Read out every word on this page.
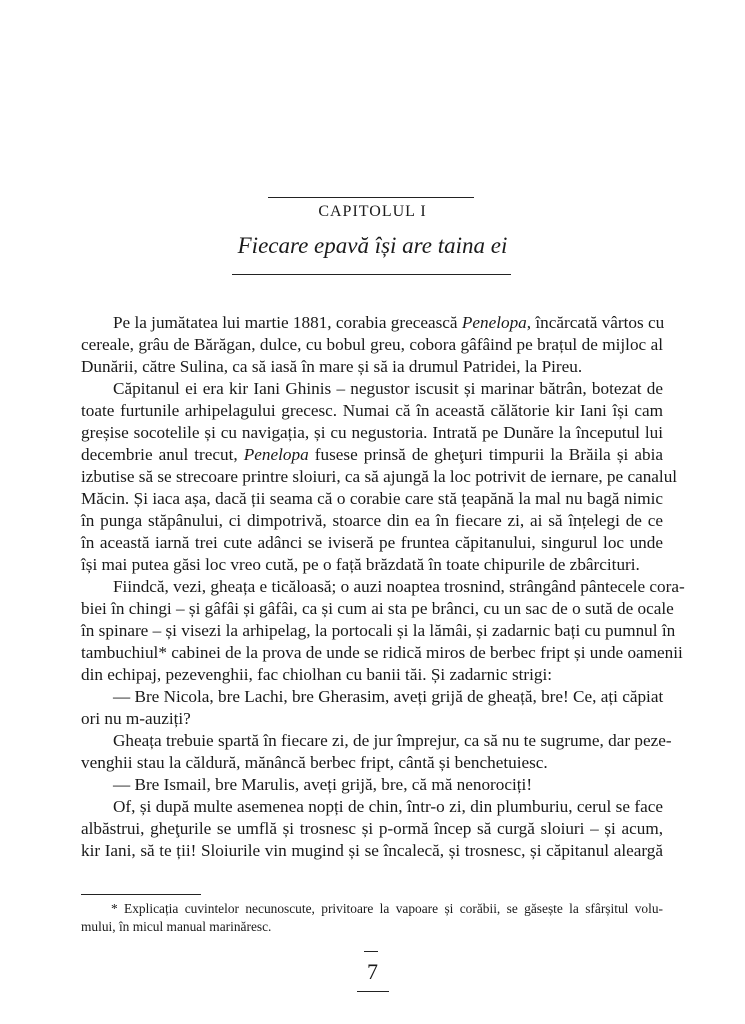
CAPITOLUL I
Fiecare epavă își are taina ei
Pe la jumătatea lui martie 1881, corabia grecească Penelopa, încărcată vârtos cu
cereale, grâu de Bărăgan, dulce, cu bobul greu, cobora gâfâind pe brațul de mijloc al
Dunării, către Sulina, ca să iasă în mare și să ia drumul Patridei, la Pireu.
Căpitanul ei era kir Iani Ghinis – negustor iscusit și marinar bătrân, botezat de
toate furtunile arhipelagului grecesc. Numai că în această călătorie kir Iani își cam
greșise socotelile și cu navigația, și cu negustoria. Intrată pe Dunăre la începutul lui
decembrie anul trecut, Penelopa fusese prinsă de gheţuri timpurii la Brăila și abia
izbutise să se strecoare printre sloiuri, ca să ajungă la loc potrivit de iernare, pe canalul
Măcin. Și iaca așa, dacă ții seama că o corabie care stă țeapănă la mal nu bagă nimic
în punga stăpânului, ci dimpotrivă, stoarce din ea în fiecare zi, ai să înțelegi de ce
în această iarnă trei cute adânci se iviseră pe fruntea căpitanului, singurul loc unde
își mai putea găsi loc vreo cută, pe o față brăzdată în toate chipurile de zbârcituri.
Fiindcă, vezi, gheața e ticăloasă; o auzi noaptea trosnind, strângând pântecele cora-
biei în chingi – și gâfâi și gâfâi, ca și cum ai sta pe brânci, cu un sac de o sută de ocale
în spinare – și visezi la arhipelag, la portocali și la lămâi, și zadarnic bați cu pumnul în
tambuchiul* cabinei de la prova de unde se ridică miros de berbec fript și unde oamenii
din echipaj, pezevenghii, fac chiolhan cu banii tăi. Și zadarnic strigi:
— Bre Nicola, bre Lachi, bre Gherasim, aveți grijă de gheață, bre! Ce, ați căpiat
ori nu m-auziți?
Gheața trebuie spartă în fiecare zi, de jur împrejur, ca să nu te sugrume, dar peze-
venghii stau la căldură, mănâncă berbec fript, cântă și benchetuiesc.
— Bre Ismail, bre Marulis, aveți grijă, bre, că mă nenorociți!
Of, și după multe asemenea nopți de chin, într-o zi, din plumburiu, cerul se face
albăstrui, gheţurile se umflă și trosnesc și p-ormă încep să curgă sloiuri – și acum,
kir Iani, să te ții! Sloiurile vin mugind și se încalecă, și trosnesc, și căpitanul aleargă
* Explicația cuvintelor necunoscute, privitoare la vapoare și corăbii, se găsește la sfârșitul volu-
mului, în micul manual marinăresc.
7
